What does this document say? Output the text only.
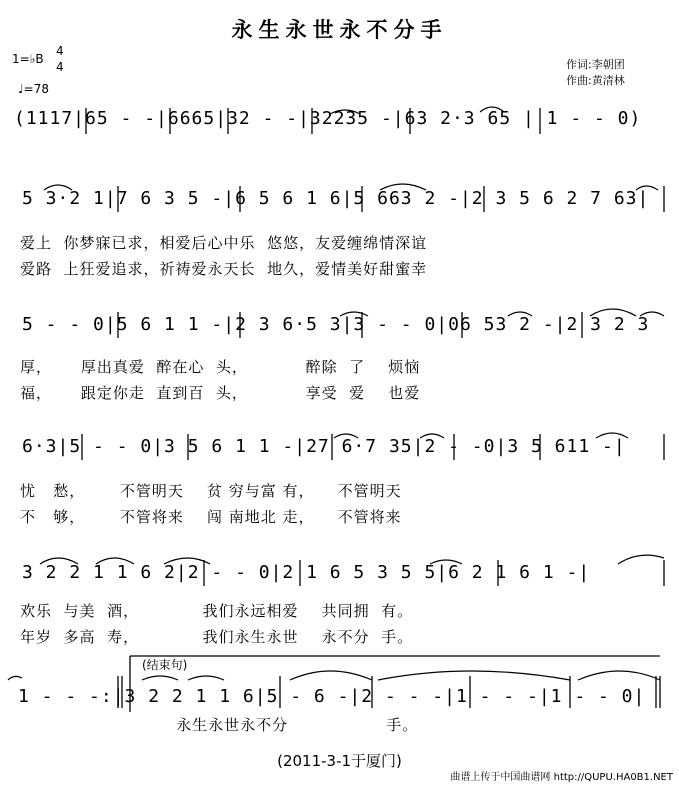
永生永世永不分手
1=♭B
4
4
♩=78
作词:李朝团
作曲:黄清林
(1117|65 - -|6665|32 - -|32235 -|63 2·3 65 | 1 - - 0)
5 3·2 1|7 6 3 5 -|6 5 6 1 6|5 663 2 -|2 3 5 6 2 7 63|
爱上  你梦寐已求，相爱后心中乐  悠悠，友爱缠绵情深谊
爱路  上狂爱追求，祈祷爱永天长  地久，爱情美好甜蜜幸
5 - - 0|5 6 1 1 -|2 3 6·5 3|3 - - 0|06 53 2 -|2 3 2 3
厚，     厚出真爱  醉在心  头，          醉除  了    烦恼
福，     跟定你走  直到百  头，          享受  爱    也爱
6·3|5 - - 0|3 5 6 1 1 -|27 6·7 35|2 - -0|3 5 611 -|
忧   愁，      不管明天    贫 穷与富 有，    不管明天
不   够，      不管将来    闯 南地北 走，    不管将来
3 2 2 1 1 6 2|2 - - 0|2 1 6 5 3 5 5|6 2 1 6 1 -|
欢乐  与美  酒，           我们永远相爱    共同拥  有。
年岁  多高  寿，           我们永生永世    永不分  手。
(结束句)
1 - - -:|3 2 2 1 1 6|5 - 6 -|2 - - -|1 - - -|1 - - 0|
永生永世永不分                 手。
(2011-3-1于厦门)
曲谱上传于中国曲谱网 http://QUPU.HA0B1.NET
